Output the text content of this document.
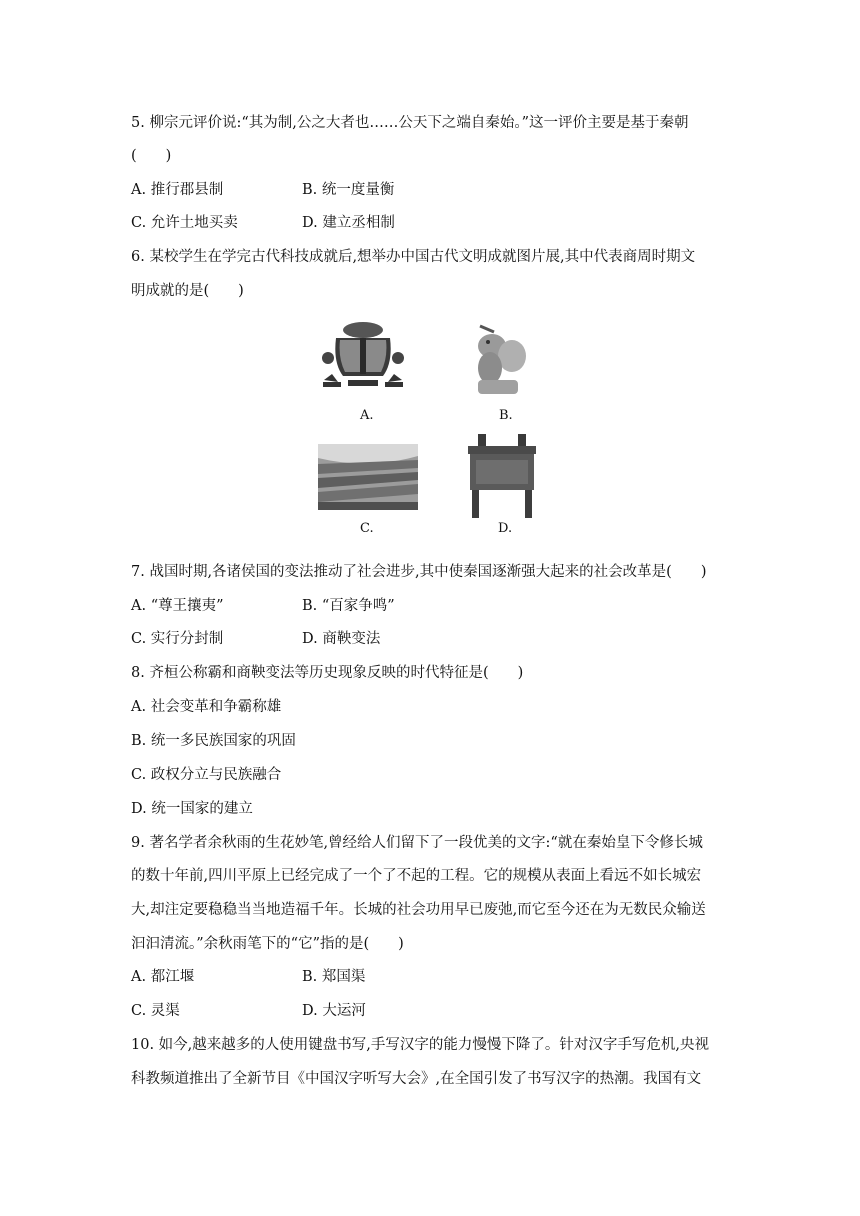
5. 柳宗元评价说:“其为制,公之大者也……公天下之端自秦始。”这一评价主要是基于秦朝
(　　)
A. 推行郡县制	B. 统一度量衡
C. 允许土地买卖	D. 建立丞相制
6. 某校学生在学完古代科技成就后,想举办中国古代文明成就图片展,其中代表商周时期文
明成就的是(　　)
A.	B.
C.	D.
7. 战国时期,各诸侯国的变法推动了社会进步,其中使秦国逐渐强大起来的社会改革是(　　)
A. “尊王攘夷”	B. “百家争鸣”
C. 实行分封制	D. 商鞅变法
8. 齐桓公称霸和商鞅变法等历史现象反映的时代特征是(　　)
A. 社会变革和争霸称雄
B. 统一多民族国家的巩固
C. 政权分立与民族融合
D. 统一国家的建立
9. 著名学者余秋雨的生花妙笔,曾经给人们留下了一段优美的文字:“就在秦始皇下令修长城
的数十年前,四川平原上已经完成了一个了不起的工程。它的规模从表面上看远不如长城宏
大,却注定要稳稳当当地造福千年。长城的社会功用早已废弛,而它至今还在为无数民众输送
汩汩清流。”余秋雨笔下的“它”指的是(　　)
A. 都江堰	B. 郑国渠
C. 灵渠	D. 大运河
10. 如今,越来越多的人使用键盘书写,手写汉字的能力慢慢下降了。针对汉字手写危机,央视
科教频道推出了全新节目《中国汉字听写大会》,在全国引发了书写汉字的热潮。我国有文
